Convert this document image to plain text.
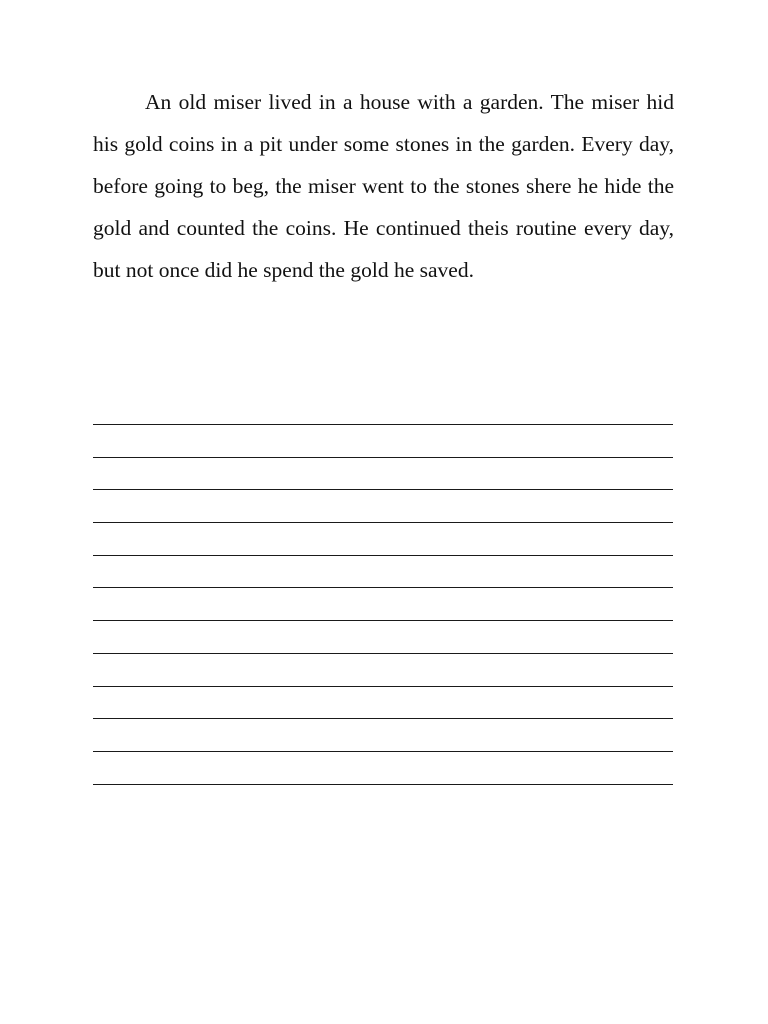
An old miser lived in a house with a garden. The miser hid his gold coins in a pit under some stones in the garden. Every day, before going to beg, the miser went to the stones shere he hide the gold and counted the coins. He continued theis routine every day, but not once did he spend the gold he saved.
